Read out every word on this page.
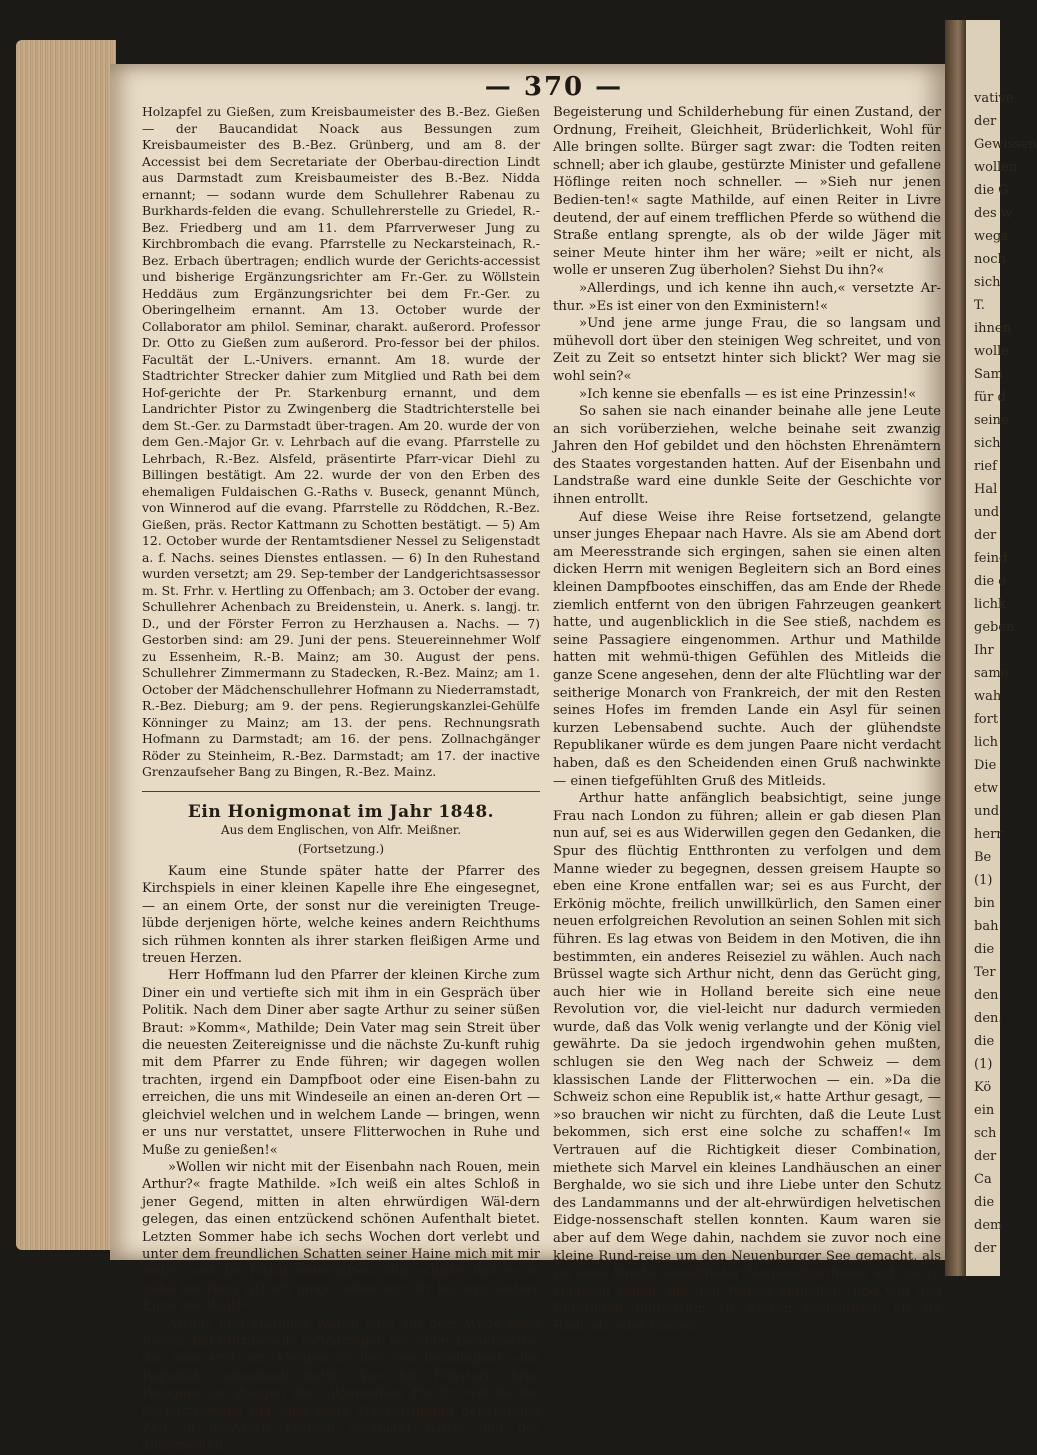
vative
der
Gewissen
wollen
die G
des w
wegs
noch
sich
T.
ihnen
wolle
Sam
für d
seine
sich
rief
Hal
und
der
feind
die e
lichk
geben
Ihr
same
wah
fort
lich
Die
etw
und
herr
Be
(1)
bin
bah
die
Ter
den
den.
die
(1)
Kö
ein
sch
der
Ca
die
dem
der
— 370 —

Holzapfel zu Gießen, zum Kreisbaumeister des B.-Bez. Gießen — der Baucandidat Noack aus Bessungen zum Kreisbaumeister des B.-Bez. Grünberg, und am 8. der Accessist bei dem Secretariate der Oberbau-direction Lindt aus Darmstadt zum Kreisbaumeister des B.-Bez. Nidda ernannt; — sodann wurde dem Schullehrer Rabenau zu Burkhards-felden die evang. Schullehrerstelle zu Griedel, R.-Bez. Friedberg und am 11. dem Pfarrverweser Jung zu Kirchbrombach die evang. Pfarrstelle zu Neckarsteinach, R.-Bez. Erbach übertragen; endlich wurde der Gerichts-accessist und bisherige Ergänzungsrichter am Fr.-Ger. zu Wöllstein Heddäus zum Ergänzungsrichter bei dem Fr.-Ger. zu Oberingelheim ernannt. Am 13. October wurde der Collaborator am philol. Seminar, charakt. außerord. Professor Dr. Otto zu Gießen zum außerord. Pro-fessor bei der philos. Facultät der L.-Univers. ernannt. Am 18. wurde der Stadtrichter Strecker dahier zum Mitglied und Rath bei dem Hof-gerichte der Pr. Starkenburg ernannt, und dem Landrichter Pistor zu Zwingenberg die Stadtrichterstelle bei dem St.-Ger. zu Darmstadt über-tragen. Am 20. wurde der von dem Gen.-Major Gr. v. Lehrbach auf die evang. Pfarrstelle zu Lehrbach, R.-Bez. Alsfeld, präsentirte Pfarr-vicar Diehl zu Billingen bestätigt. Am 22. wurde der von den Erben des ehemaligen Fuldaischen G.-Raths v. Buseck, genannt Münch, von Winnerod auf die evang. Pfarrstelle zu Röddchen, R.-Bez. Gießen, präs. Rector Kattmann zu Schotten bestätigt. — 5) Am 12. October wurde der Rentamtsdiener Nessel zu Seligenstadt a. f. Nachs. seines Dienstes entlassen. — 6) In den Ruhestand wurden versetzt; am 29. Sep-tember der Landgerichtsassessor m. St. Frhr. v. Hertling zu Offenbach; am 3. October der evang. Schullehrer Achenbach zu Breidenstein, u. Anerk. s. langj. tr. D., und der Förster Ferron zu Herzhausen a. Nachs. — 7) Gestorben sind: am 29. Juni der pens. Steuereinnehmer Wolf zu Essenheim, R.-B. Mainz; am 30. August der pens. Schullehrer Zimmermann zu Stadecken, R.-Bez. Mainz; am 1. October der Mädchenschullehrer Hofmann zu Niederramstadt, R.-Bez. Dieburg; am 9. der pens. Regierungskanzlei-Gehülfe Könninger zu Mainz; am 13. der pens. Rechnungsrath Hofmann zu Darmstadt; am 16. der pens. Zollnachgänger Röder zu Steinheim, R.-Bez. Darmstadt; am 17. der inactive Grenzaufseher Bang zu Bingen, R.-Bez. Mainz.

Ein Honigmonat im Jahr 1848.
Aus dem Englischen, von Alfr. Meißner.
(Fortsetzung.)

Kaum eine Stunde später hatte der Pfarrer des Kirchspiels in einer kleinen Kapelle ihre Ehe eingesegnet, — an einem Orte, der sonst nur die vereinigten Treuge-lübde derjenigen hörte, welche keines andern Reichthums sich rühmen konnten als ihrer starken fleißigen Arme und treuen Herzen.

Herr Hoffmann lud den Pfarrer der kleinen Kirche zum Diner ein und vertiefte sich mit ihm in ein Gespräch über Politik. Nach dem Diner aber sagte Arthur zu seiner süßen Braut: »Komm«, Mathilde; Dein Vater mag sein Streit über die neuesten Zeitereignisse und die nächste Zu-kunft ruhig mit dem Pfarrer zu Ende führen; wir dagegen wollen trachten, irgend ein Dampfboot oder eine Eisen-bahn zu erreichen, die uns mit Windeseile an einen an-deren Ort — gleichviel welchen und in welchem Lande — bringen, wenn er uns nur verstattet, unsere Flitterwochen in Ruhe und Muße zu genießen!«

»Wollen wir nicht mit der Eisenbahn nach Rouen, mein Arthur?« fragte Mathilde. »Ich weiß ein altes Schloß in jener Gegend, mitten in alten ehrwürdigen Wäl-dern gelegen, das einen entzückend schönen Aufenthalt bietet. Letzten Sommer habe ich sechs Wochen dort verlebt und unter dem freundlichen Schatten seiner Haine mich mit mir selber und der Natur unterhalten. Nur schade, daß es so nahe bei Paris ist! ich ginge lieber mit Dir bis an's andere Ende der Welt!«

Arthur und Mathilde waren bald auf dem Wege nach Rouen, mit Sturmeseile fortgetragen von einer Loco-motive, die man erst am Morgen in der Geschwindigkeit »die Republik« umgetauft hatte. Aus den Fenstern ihres Waggons sie Zeugen der allgemeinen Flucht, welche die Ge-burtswehen der eine neue Staatsordnung gebärenden Zeit in gewissen Kreisen veranlaßt hatte, und der allgemeinen

Begeisterung und Schilderhebung für einen Zustand, der Ordnung, Freiheit, Gleichheit, Brüderlichkeit, Wohl für Alle bringen sollte. Bürger sagt zwar: die Todten reiten schnell; aber ich glaube, gestürzte Minister und gefallene Höflinge reiten noch schneller. — »Sieh nur jenen Bedien-ten!« sagte Mathilde, auf einen Reiter in Livre deutend, der auf einem trefflichen Pferde so wüthend die Straße entlang sprengte, als ob der wilde Jäger mit seiner Meute hinter ihm her wäre; »eilt er nicht, als wolle er unseren Zug überholen? Siehst Du ihn?«

»Allerdings, und ich kenne ihn auch,« versetzte Ar-thur. »Es ist einer von den Exministern!«

»Und jene arme junge Frau, die so langsam und mühevoll dort über den steinigen Weg schreitet, und von Zeit zu Zeit so entsetzt hinter sich blickt? Wer mag sie wohl sein?«

»Ich kenne sie ebenfalls — es ist eine Prinzessin!«

So sahen sie nach einander beinahe alle jene Leute an sich vorüberziehen, welche beinahe seit zwanzig Jahren den Hof gebildet und den höchsten Ehrenämtern des Staates vorgestanden hatten. Auf der Eisenbahn und Landstraße ward eine dunkle Seite der Geschichte vor ihnen entrollt.

Auf diese Weise ihre Reise fortsetzend, gelangte unser junges Ehepaar nach Havre. Als sie am Abend dort am Meeresstrande sich ergingen, sahen sie einen alten dicken Herrn mit wenigen Begleitern sich an Bord eines kleinen Dampfbootes einschiffen, das am Ende der Rhede ziemlich entfernt von den übrigen Fahrzeugen geankert hatte, und augenblicklich in die See stieß, nachdem es seine Passagiere eingenommen. Arthur und Mathilde hatten mit wehmü-thigen Gefühlen des Mitleids die ganze Scene angesehen, denn der alte Flüchtling war der seitherige Monarch von Frankreich, der mit den Resten seines Hofes im fremden Lande ein Asyl für seinen kurzen Lebensabend suchte. Auch der glühendste Republikaner würde es dem jungen Paare nicht verdacht haben, daß es den Scheidenden einen Gruß nachwinkte — einen tiefgefühlten Gruß des Mitleids.

Arthur hatte anfänglich beabsichtigt, seine junge Frau nach London zu führen; allein er gab diesen Plan nun auf, sei es aus Widerwillen gegen den Gedanken, die Spur des flüchtig Entthronten zu verfolgen und dem Manne wieder zu begegnen, dessen greisem Haupte so eben eine Krone entfallen war; sei es aus Furcht, der Erkönig möchte, freilich unwillkürlich, den Samen einer neuen erfolgreichen Revolution an seinen Sohlen mit sich führen. Es lag etwas von Beidem in den Motiven, die ihn bestimmten, ein anderes Reiseziel zu wählen. Auch nach Brüssel wagte sich Arthur nicht, denn das Gerücht ging, auch hier wie in Holland bereite sich eine neue Revolution vor, die viel-leicht nur dadurch vermieden wurde, daß das Volk wenig verlangte und der König viel gewährte. Da sie jedoch irgendwohin gehen mußten, schlugen sie den Weg nach der Schweiz — dem klassischen Lande der Flitterwochen — ein. »Da die Schweiz schon eine Republik ist,« hatte Arthur gesagt, — »so brauchen wir nicht zu fürchten, daß die Leute Lust bekommen, sich erst eine solche zu schaffen!« Im Vertrauen auf die Richtigkeit dieser Combination, miethete sich Marvel ein kleines Landhäuschen an einer Berghalde, wo sie sich und ihre Liebe unter den Schutz des Landammanns und der alt-ehrwürdigen helvetischen Eidge-nossenschaft stellen konnten. Kaum waren sie aber auf dem Wege dahin, nachdem sie zuvor noch eine kleine Rund-reise um den Neuenburger See gemacht, als sie eine Bande bewaffneter Nationalgardisten auf sie zu kommen sahen, die den Wagen anhielten, und von den Reisenden unge-stüm zu wissen verlangten, ob sie Radicale oder Conser-
